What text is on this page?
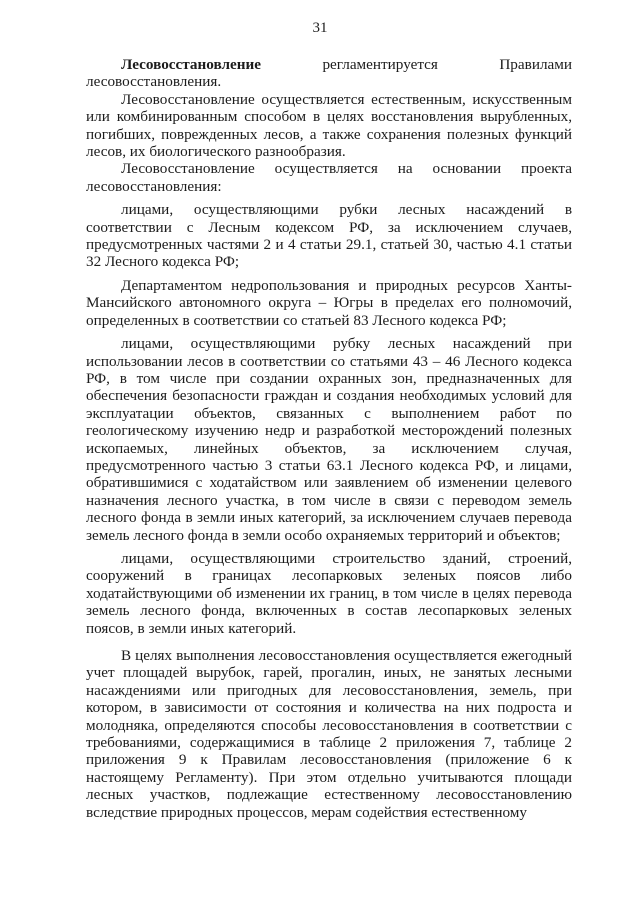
31

Лесовосстановление регламентируется Правилами лесовосстановления.

Лесовосстановление осуществляется естественным, искусственным или комбинированным способом в целях восстановления вырубленных, погибших, поврежденных лесов, а также сохранения полезных функций лесов, их биологического разнообразия.

Лесовосстановление осуществляется на основании проекта лесовосстановления:

лицами, осуществляющими рубки лесных насаждений в соответствии с Лесным кодексом РФ, за исключением случаев, предусмотренных частями 2 и 4 статьи 29.1, статьей 30, частью 4.1 статьи 32 Лесного кодекса РФ;

Департаментом недропользования и природных ресурсов Ханты-Мансийского автономного округа – Югры в пределах его полномочий, определенных в соответствии со статьей 83 Лесного кодекса РФ;

лицами, осуществляющими рубку лесных насаждений при использовании лесов в соответствии со статьями 43 – 46 Лесного кодекса РФ, в том числе при создании охранных зон, предназначенных для обеспечения безопасности граждан и создания необходимых условий для эксплуатации объектов, связанных с выполнением работ по геологическому изучению недр и разработкой месторождений полезных ископаемых, линейных объектов, за исключением случая, предусмотренного частью 3 статьи 63.1 Лесного кодекса РФ, и лицами, обратившимися с ходатайством или заявлением об изменении целевого назначения лесного участка, в том числе в связи с переводом земель лесного фонда в земли иных категорий, за исключением случаев перевода земель лесного фонда в земли особо охраняемых территорий и объектов;

лицами, осуществляющими строительство зданий, строений, сооружений в границах лесопарковых зеленых поясов либо ходатайствующими об изменении их границ, в том числе в целях перевода земель лесного фонда, включенных в состав лесопарковых зеленых поясов, в земли иных категорий.

В целях выполнения лесовосстановления осуществляется ежегодный учет площадей вырубок, гарей, прогалин, иных, не занятых лесными насаждениями или пригодных для лесовосстановления, земель, при котором, в зависимости от состояния и количества на них подроста и молодняка, определяются способы лесовосстановления в соответствии с требованиями, содержащимися в таблице 2 приложения 7, таблице 2 приложения 9 к Правилам лесовосстановления (приложение 6 к настоящему Регламенту). При этом отдельно учитываются площади лесных участков, подлежащие естественному лесовосстановлению вследствие природных процессов, мерам содействия естественному
